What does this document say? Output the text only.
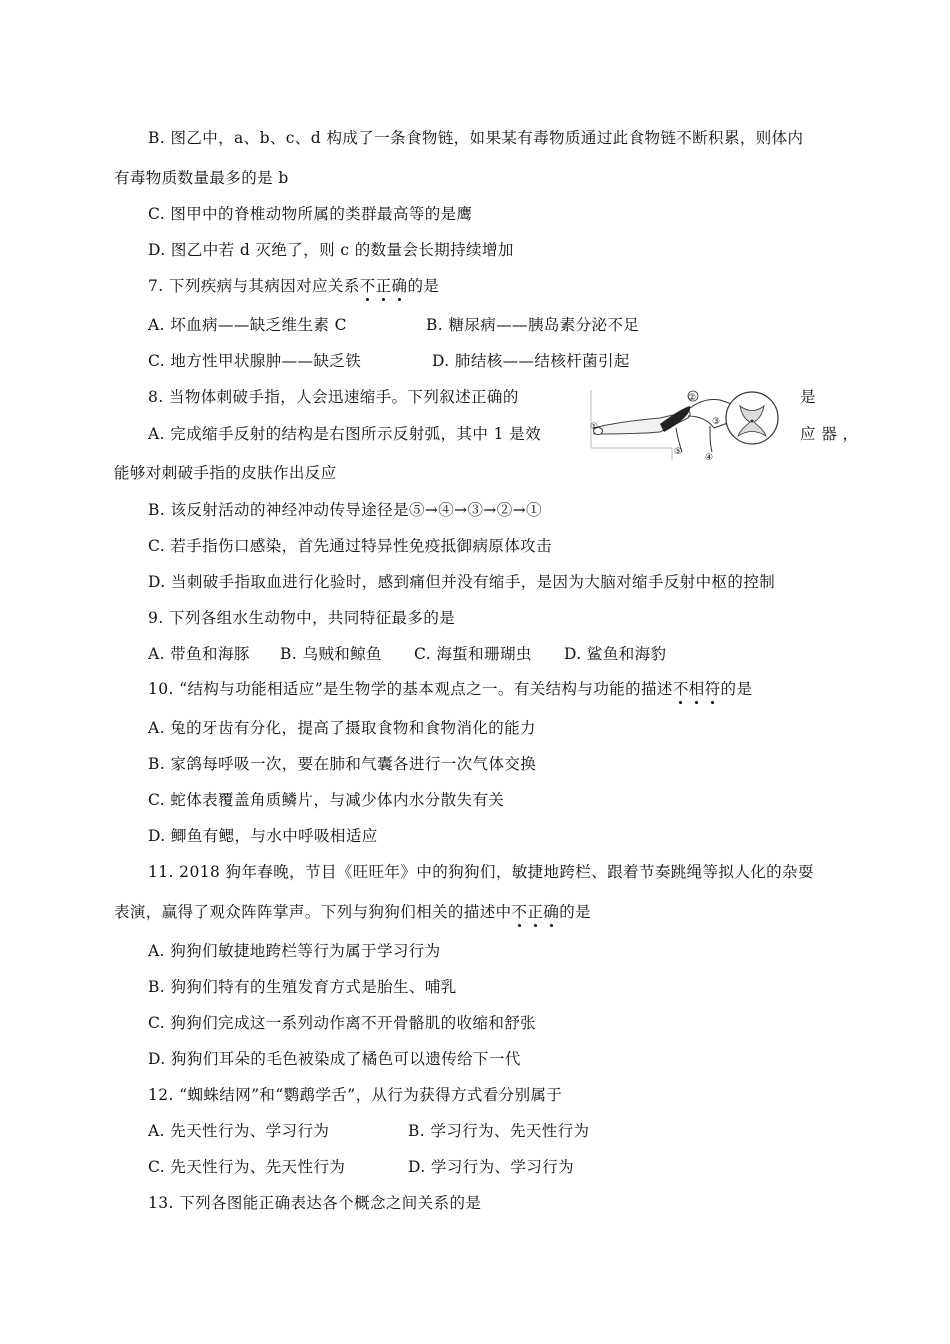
B. 图乙中，a、b、c、d 构成了一条食物链，如果某有毒物质通过此食物链不断积累，则体内
有毒物质数量最多的是 b
C. 图甲中的脊椎动物所属的类群最高等的是鹰
D. 图乙中若 d 灭绝了，则 c 的数量会长期持续增加
7. 下列疾病与其病因对应关系不正确的是
A. 坏血病——缺乏维生素 C	B. 糖尿病——胰岛素分泌不足
C. 地方性甲状腺肿——缺乏铁	D. 肺结核——结核杆菌引起
8. 当物体刺破手指，人会迅速缩手。下列叙述正确的	是
A. 完成缩手反射的结构是右图所示反射弧，其中 1 是效	应 器 ，
能够对刺破手指的皮肤作出反应
B. 该反射活动的神经冲动传导途径是⑤→④→③→②→①
C. 若手指伤口感染，首先通过特异性免疫抵御病原体攻击
D. 当刺破手指取血进行化验时，感到痛但并没有缩手，是因为大脑对缩手反射中枢的控制
①
②
③
④
⑤
9. 下列各组水生动物中，共同特征最多的是
A. 带鱼和海豚 B. 乌贼和鲸鱼 C. 海蜇和珊瑚虫 D. 鲨鱼和海豹
10. “结构与功能相适应”是生物学的基本观点之一。有关结构与功能的描述不相符的是
A. 兔的牙齿有分化，提高了摄取食物和食物消化的能力
B. 家鸽每呼吸一次，要在肺和气囊各进行一次气体交换
C. 蛇体表覆盖角质鳞片，与减少体内水分散失有关
D. 鲫鱼有鳃，与水中呼吸相适应
11. 2018 狗年春晚，节目《旺旺年》中的狗狗们，敏捷地跨栏、跟着节奏跳绳等拟人化的杂耍
表演，赢得了观众阵阵掌声。下列与狗狗们相关的描述中不正确的是
A. 狗狗们敏捷地跨栏等行为属于学习行为
B. 狗狗们特有的生殖发育方式是胎生、哺乳
C. 狗狗们完成这一系列动作离不开骨骼肌的收缩和舒张
D. 狗狗们耳朵的毛色被染成了橘色可以遗传给下一代
12. “蜘蛛结网”和“鹦鹉学舌”，从行为获得方式看分别属于
A. 先天性行为、学习行为	B. 学习行为、先天性行为
C. 先天性行为、先天性行为	D. 学习行为、学习行为
13. 下列各图能正确表达各个概念之间关系的是
